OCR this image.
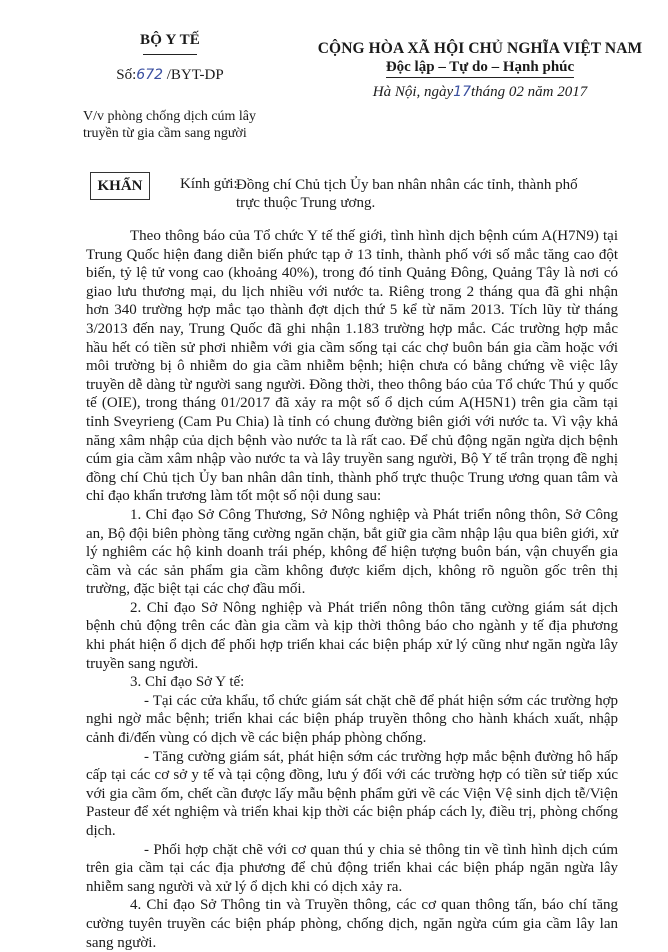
BỘ Y TẾ
Số:672 /BYT-DP
V/v phòng chống dịch cúm lây
truyền từ gia cầm sang người
CỘNG HÒA XÃ HỘI CHỦ NGHĨA VIỆT NAM
Độc lập – Tự do – Hạnh phúc
Hà Nội, ngày17tháng 02 năm 2017
KHẨN	Kính gửi:
Đồng chí Chủ tịch Ủy ban nhân nhân các tỉnh, thành phố
trực thuộc Trung ương.

Theo thông báo của Tổ chức Y tế thế giới, tình hình dịch bệnh cúm A(H7N9) tại Trung Quốc hiện đang diễn biến phức tạp ở 13 tỉnh, thành phố với số mắc tăng cao đột biến, tỷ lệ tử vong cao (khoảng 40%), trong đó tỉnh Quảng Đông, Quảng Tây là nơi có giao lưu thương mại, du lịch nhiều với nước ta. Riêng trong 2 tháng qua đã ghi nhận hơn 340 trường hợp mắc tạo thành đợt dịch thứ 5 kể từ năm 2013. Tích lũy từ tháng 3/2013 đến nay, Trung Quốc đã ghi nhận 1.183 trường hợp mắc. Các trường hợp mắc hầu hết có tiền sử phơi nhiễm với gia cầm sống tại các chợ buôn bán gia cầm hoặc với môi trường bị ô nhiễm do gia cầm nhiễm bệnh; hiện chưa có bằng chứng về việc lây truyền dễ dàng từ người sang người. Đồng thời, theo thông báo của Tổ chức Thú y quốc tế (OIE), trong tháng 01/2017 đã xảy ra một số ổ dịch cúm A(H5N1) trên gia cầm tại tỉnh Sveyrieng (Cam Pu Chia) là tỉnh có chung đường biên giới với nước ta. Vì vậy khả năng xâm nhập của dịch bệnh vào nước ta là rất cao. Để chủ động ngăn ngừa dịch bệnh cúm gia cầm xâm nhập vào nước ta và lây truyền sang người, Bộ Y tế trân trọng đề nghị đồng chí Chủ tịch Ủy ban nhân dân tỉnh, thành phố trực thuộc Trung ương quan tâm và chỉ đạo khẩn trương làm tốt một số nội dung sau:

1. Chỉ đạo Sở Công Thương, Sở Nông nghiệp và Phát triển nông thôn, Sở Công an, Bộ đội biên phòng tăng cường ngăn chặn, bắt giữ gia cầm nhập lậu qua biên giới, xử lý nghiêm các hộ kinh doanh trái phép, không để hiện tượng buôn bán, vận chuyển gia cầm và các sản phẩm gia cầm không được kiểm dịch, không rõ nguồn gốc trên thị trường, đặc biệt tại các chợ đầu mối.

2. Chỉ đạo Sở Nông nghiệp và Phát triển nông thôn tăng cường giám sát dịch bệnh chủ động trên các đàn gia cầm và kịp thời thông báo cho ngành y tế địa phương khi phát hiện ổ dịch để phối hợp triển khai các biện pháp xử lý cũng như ngăn ngừa lây truyền sang người.

3. Chỉ đạo Sở Y tế:

- Tại các cửa khẩu, tổ chức giám sát chặt chẽ để phát hiện sớm các trường hợp nghi ngờ mắc bệnh; triển khai các biện pháp truyền thông cho hành khách xuất, nhập cảnh đi/đến vùng có dịch về các biện pháp phòng chống.

- Tăng cường giám sát, phát hiện sớm các trường hợp mắc bệnh đường hô hấp cấp tại các cơ sở y tế và tại cộng đồng, lưu ý đối với các trường hợp có tiền sử tiếp xúc với gia cầm ốm, chết cần được lấy mẫu bệnh phẩm gửi về các Viện Vệ sinh dịch tễ/Viện Pasteur để xét nghiệm và triển khai kịp thời các biện pháp cách ly, điều trị, phòng chống dịch.

- Phối hợp chặt chẽ với cơ quan thú y chia sẻ thông tin về tình hình dịch cúm trên gia cầm tại các địa phương để chủ động triển khai các biện pháp ngăn ngừa lây nhiễm sang người và xử lý ổ dịch khi có dịch xảy ra.

4. Chỉ đạo Sở Thông tin và Truyền thông, các cơ quan thông tấn, báo chí tăng cường tuyên truyền các biện pháp phòng, chống dịch, ngăn ngừa cúm gia cầm lây lan sang người.
